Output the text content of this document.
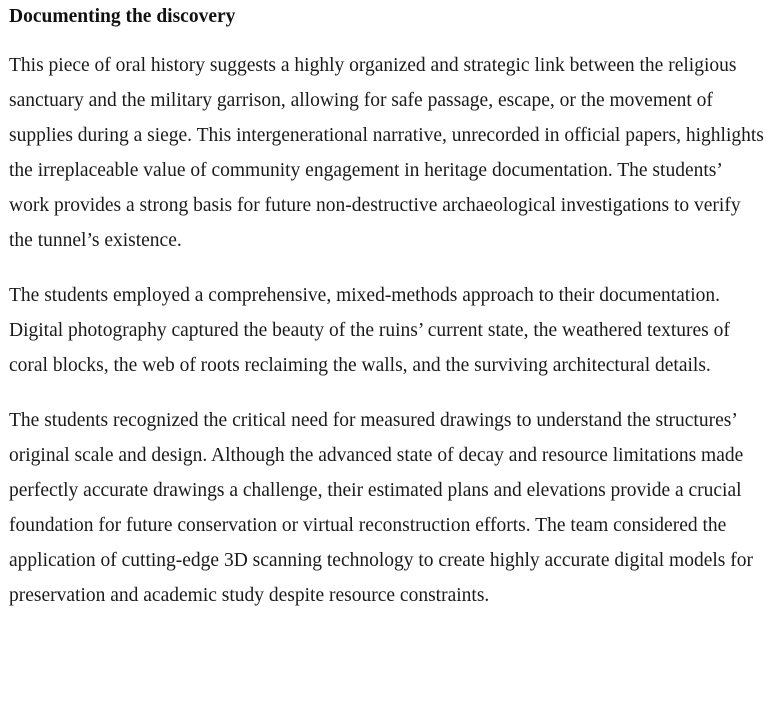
Documenting the discovery

This piece of oral history suggests a highly organized and strategic link between the religious sanctuary and the military garrison, allowing for safe passage, escape, or the movement of supplies during a siege. This intergenerational narrative, unrecorded in official papers, highlights the irreplaceable value of community engagement in heritage documentation. The students’ work provides a strong basis for future non-destructive archaeological investigations to verify the tunnel’s existence.

The students employed a comprehensive, mixed-methods approach to their documentation. Digital photography captured the beauty of the ruins’ current state, the weathered textures of coral blocks, the web of roots reclaiming the walls, and the surviving architectural details.

The students recognized the critical need for measured drawings to understand the structures’ original scale and design. Although the advanced state of decay and resource limitations made perfectly accurate drawings a challenge, their estimated plans and elevations provide a crucial foundation for future conservation or virtual reconstruction efforts. The team considered the application of cutting-edge 3D scanning technology to create highly accurate digital models for preservation and academic study despite resource constraints.
